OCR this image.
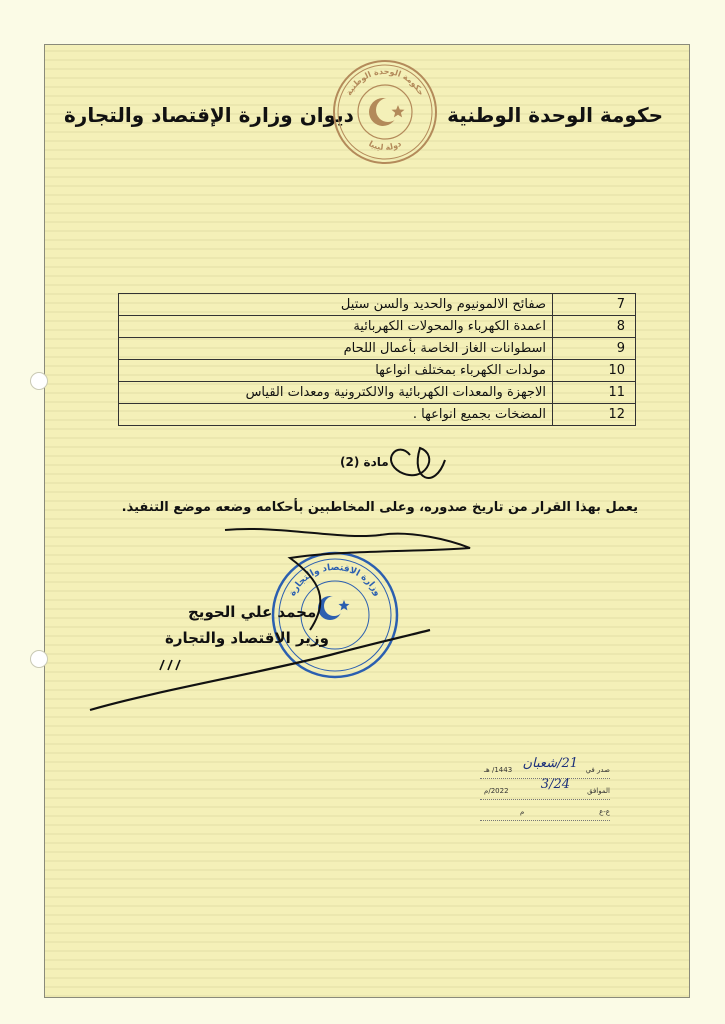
حكومة الوحدة الوطنية
ديوان وزارة الإقتصاد والتجارة
حكومة الوحدة الوطنية
دولة ليبيا
7	صفائح الالمونيوم والحديد والسن ستيل
8	اعمدة الكهرباء والمحولات الكهربائية
9	اسطوانات الغاز الخاصة بأعمال اللحام
10	مولدات الكهرباء بمختلف انواعها
11	الاجهزة والمعدات الكهربائية والالكترونية ومعدات القياس
12	المضخات بجميع انواعها .
مادة (2)
يعمل بهذا القرار من تاريخ صدوره، وعلى المخاطبين بأحكامه وضعه موضع التنفيذ.
وزارة الاقتصاد والتجارة
محمد علي الحويج
وزير الاقتصاد والتجارة
صدر في
21/شعبان
1443/ هـ
الموافق
3/24
2022/م
ع-ع
م
